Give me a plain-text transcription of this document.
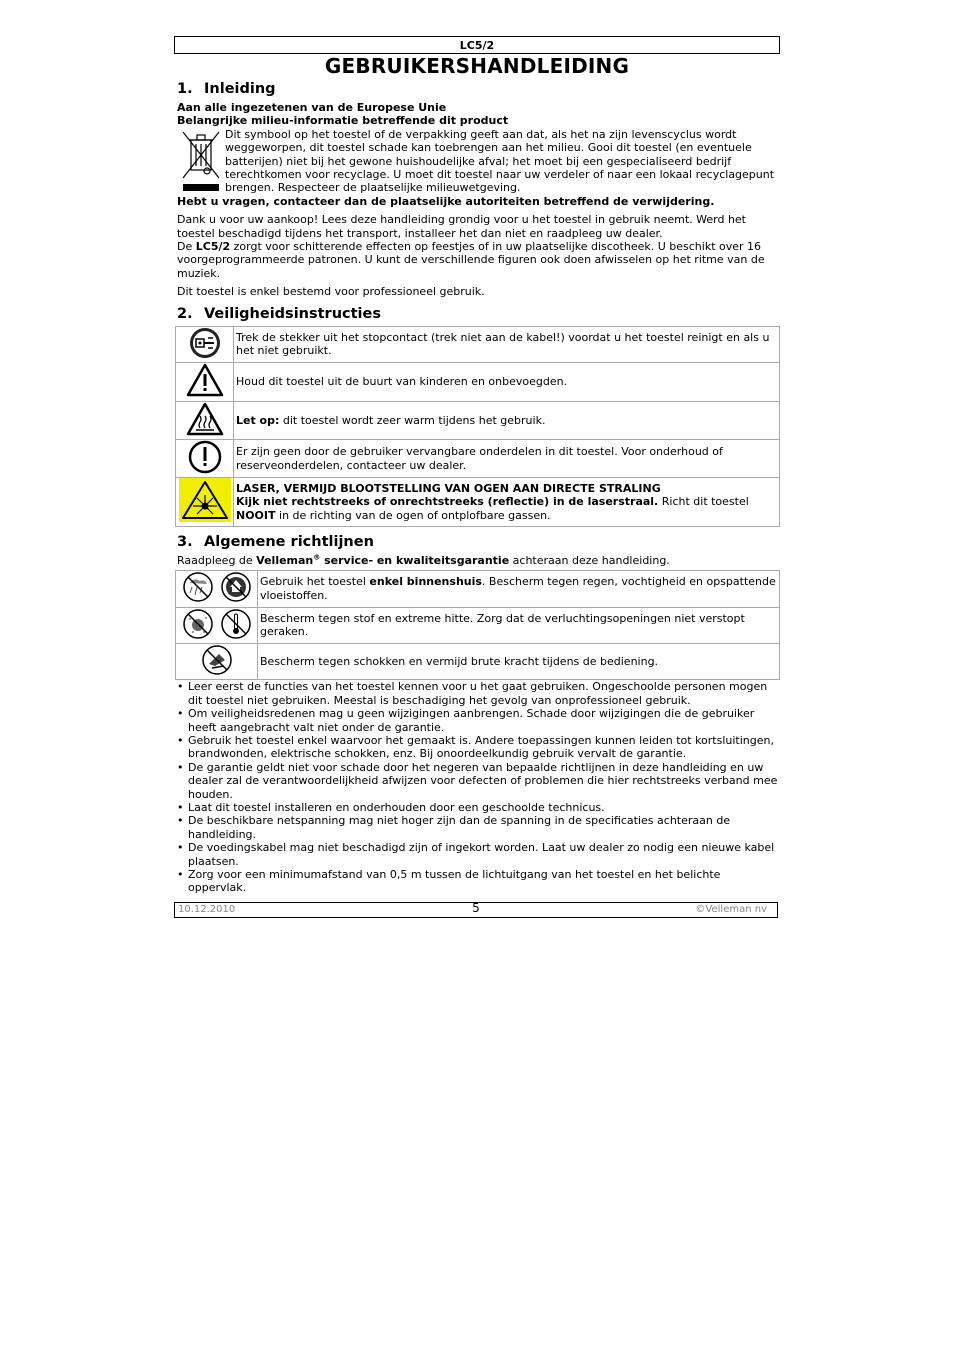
LC5/2
GEBRUIKERSHANDLEIDING
1. Inleiding

Aan alle ingezetenen van de Europese Unie

Belangrijke milieu-informatie betreffende dit product

Dit symbool op het toestel of de verpakking geeft aan dat, als het na zijn levenscyclus wordt weggeworpen, dit toestel schade kan toebrengen aan het milieu. Gooi dit toestel (en eventuele batterijen) niet bij het gewone huishoudelijke afval; het moet bij een gespecialiseerd bedrijf terechtkomen voor recyclage. U moet dit toestel naar uw verdeler of naar een lokaal recyclagepunt brengen. Respecteer de plaatselijke milieuwetgeving.

Hebt u vragen, contacteer dan de plaatselijke autoriteiten betreffend de verwijdering.

Dank u voor uw aankoop! Lees deze handleiding grondig voor u het toestel in gebruik neemt. Werd het toestel beschadigd tijdens het transport, installeer het dan niet en raadpleeg uw dealer.

De LC5/2 zorgt voor schitterende effecten op feestjes of in uw plaatselijke discotheek. U beschikt over 16 voorgeprogrammeerde patronen. U kunt de verschillende figuren ook doen afwisselen op het ritme van de muziek.

Dit toestel is enkel bestemd voor professioneel gebruik.

2. Veiligheidsinstructies
	Trek de stekker uit het stopcontact (trek niet aan de kabel!) voordat u het toestel reinigt en als u het niet gebruikt.
	Houd dit toestel uit de buurt van kinderen en onbevoegden.
	Let op: dit toestel wordt zeer warm tijdens het gebruik.
	Er zijn geen door de gebruiker vervangbare onderdelen in dit toestel. Voor onderhoud of reserveonderdelen, contacteer uw dealer.

LASER, VERMIJD BLOOTSTELLING VAN OGEN AAN DIRECTE STRALING
Kijk niet rechtstreeks of onrechtstreeks (reflectie) in de laserstraal. Richt dit toestel NOOIT in de richting van de ogen of ontplofbare gassen.
3. Algemene richtlijnen

Raadpleeg de Velleman® service- en kwaliteitsgarantie achteraan deze handleiding.

	Gebruik het toestel enkel binnenshuis. Bescherm tegen regen, vochtigheid en opspattende vloeistoffen.
	Bescherm tegen stof en extreme hitte. Zorg dat de verluchtingsopeningen niet verstopt geraken.
	Bescherm tegen schokken en vermijd brute kracht tijdens de bediening.
• Leer eerst de functies van het toestel kennen voor u het gaat gebruiken. Ongeschoolde personen mogen dit toestel niet gebruiken. Meestal is beschadiging het gevolg van onprofessioneel gebruik.
• Om veiligheidsredenen mag u geen wijzigingen aanbrengen. Schade door wijzigingen die de gebruiker heeft aangebracht valt niet onder de garantie.
• Gebruik het toestel enkel waarvoor het gemaakt is. Andere toepassingen kunnen leiden tot kortsluitingen, brandwonden, elektrische schokken, enz. Bij onoordeelkundig gebruik vervalt de garantie.
• De garantie geldt niet voor schade door het negeren van bepaalde richtlijnen in deze handleiding en uw dealer zal de verantwoordelijkheid afwijzen voor defecten of problemen die hier rechtstreeks verband mee houden.
• Laat dit toestel installeren en onderhouden door een geschoolde technicus.
• De beschikbare netspanning mag niet hoger zijn dan de spanning in de specificaties achteraan de handleiding.
• De voedingskabel mag niet beschadigd zijn of ingekort worden. Laat uw dealer zo nodig een nieuwe kabel plaatsen.
• Zorg voor een minimumafstand van 0,5 m tussen de lichtuitgang van het toestel en het belichte oppervlak.
10.12.2010	5	©Velleman nv
